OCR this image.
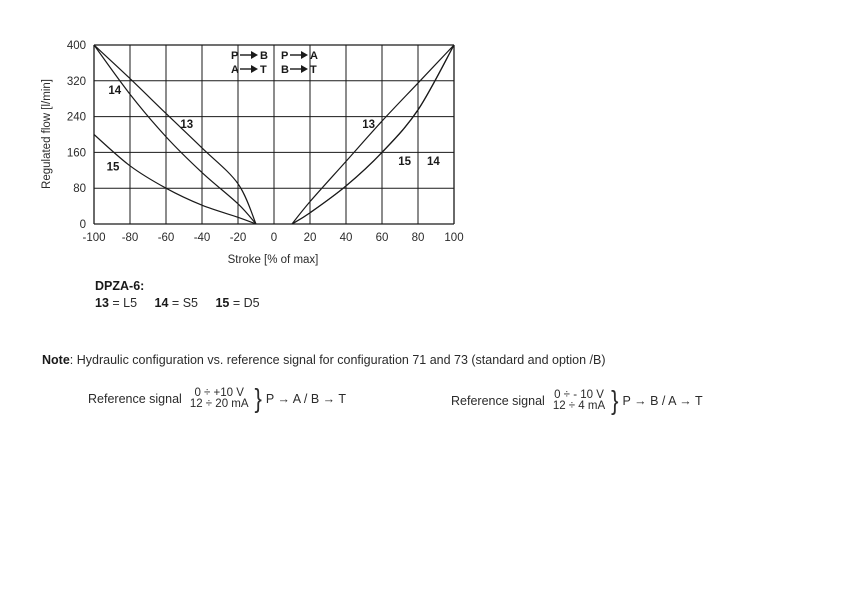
-100 -80 -60 -40 -20 0 20 40 60 80 100
0
80
160
240
320
400
14
13
15
13
15 14
P B
A T
P A
B T
Stroke [% of max]
Regulated flow [l/min]
DPZA-6:
13 = L5 14 = S5 15 = D5
Note: Hydraulic configuration vs. reference signal for configuration 71 and 73 (standard and option /B)
Reference signal	0 ÷ +10 V
12 ÷ 20 mA } P → A / B → T	Reference signal 0 ÷ - 10 V
12 ÷ 4 mA } P → B / A → T
